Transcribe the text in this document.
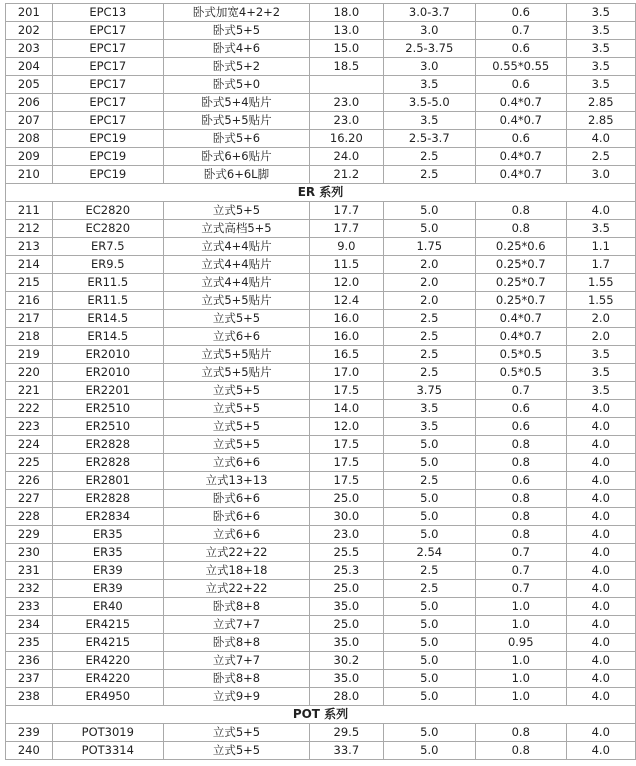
201	EPC13	卧式加宽4+2+2	18.0	3.0-3.7	0.6	3.5
202	EPC17	卧式5+5	13.0	3.0	0.7	3.5
203	EPC17	卧式4+6	15.0	2.5-3.75	0.6	3.5
204	EPC17	卧式5+2	18.5	3.0	0.55*0.55	3.5
205	EPC17	卧式5+0		3.5	0.6	3.5
206	EPC17	卧式5+4贴片	23.0	3.5-5.0	0.4*0.7	2.85
207	EPC17	卧式5+5贴片	23.0	3.5	0.4*0.7	2.85
208	EPC19	卧式5+6	16.20	2.5-3.7	0.6	4.0
209	EPC19	卧式6+6贴片	24.0	2.5	0.4*0.7	2.5
210	EPC19	卧式6+6L脚	21.2	2.5	0.4*0.7	3.0
ER 系列						
211	EC2820	立式5+5	17.7	5.0	0.8	4.0
212	EC2820	立式高档5+5	17.7	5.0	0.8	3.5
213	ER7.5	立式4+4贴片	9.0	1.75	0.25*0.6	1.1
214	ER9.5	立式4+4贴片	11.5	2.0	0.25*0.7	1.7
215	ER11.5	立式4+4贴片	12.0	2.0	0.25*0.7	1.55
216	ER11.5	立式5+5贴片	12.4	2.0	0.25*0.7	1.55
217	ER14.5	立式5+5	16.0	2.5	0.4*0.7	2.0
218	ER14.5	立式6+6	16.0	2.5	0.4*0.7	2.0
219	ER2010	立式5+5贴片	16.5	2.5	0.5*0.5	3.5
220	ER2010	立式5+5贴片	17.0	2.5	0.5*0.5	3.5
221	ER2201	立式5+5	17.5	3.75	0.7	3.5
222	ER2510	立式5+5	14.0	3.5	0.6	4.0
223	ER2510	立式5+5	12.0	3.5	0.6	4.0
224	ER2828	立式5+5	17.5	5.0	0.8	4.0
225	ER2828	立式6+6	17.5	5.0	0.8	4.0
226	ER2801	立式13+13	17.5	2.5	0.6	4.0
227	ER2828	卧式6+6	25.0	5.0	0.8	4.0
228	ER2834	卧式6+6	30.0	5.0	0.8	4.0
229	ER35	立式6+6	23.0	5.0	0.8	4.0
230	ER35	立式22+22	25.5	2.54	0.7	4.0
231	ER39	立式18+18	25.3	2.5	0.7	4.0
232	ER39	立式22+22	25.0	2.5	0.7	4.0
233	ER40	卧式8+8	35.0	5.0	1.0	4.0
234	ER4215	立式7+7	25.0	5.0	1.0	4.0
235	ER4215	卧式8+8	35.0	5.0	0.95	4.0
236	ER4220	立式7+7	30.2	5.0	1.0	4.0
237	ER4220	卧式8+8	35.0	5.0	1.0	4.0
238	ER4950	立式9+9	28.0	5.0	1.0	4.0
POT 系列						
239	POT3019	立式5+5	29.5	5.0	0.8	4.0
240	POT3314	立式5+5	33.7	5.0	0.8	4.0
